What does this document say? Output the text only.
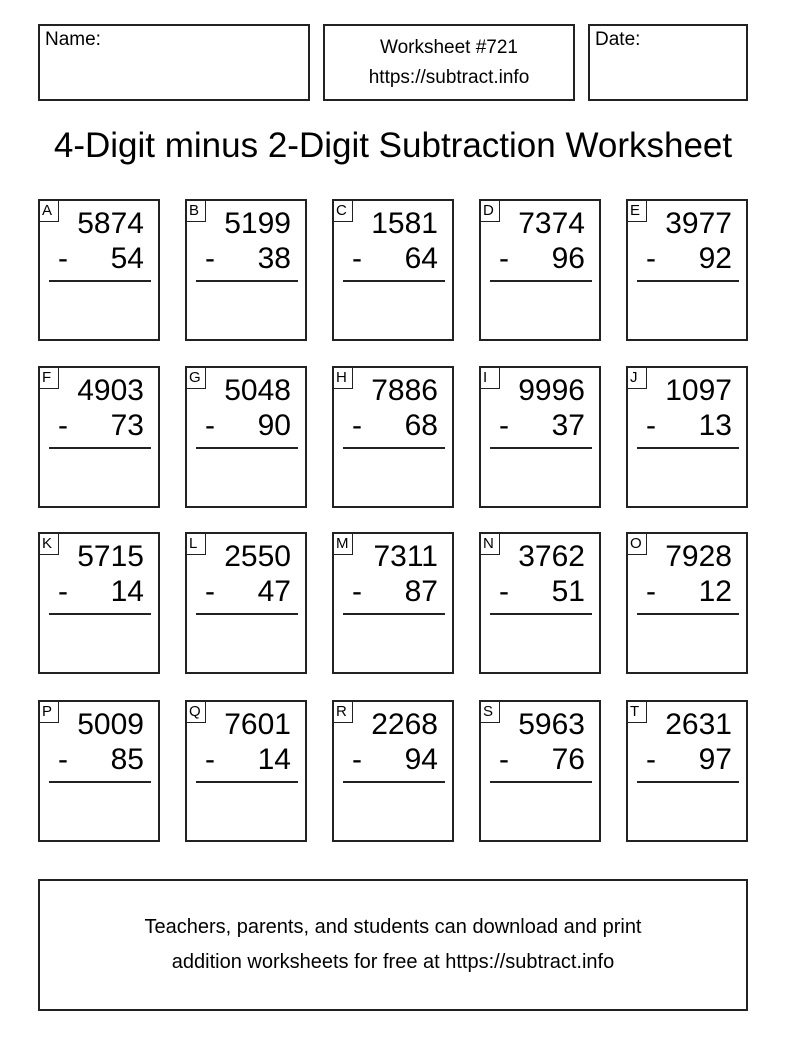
Name:	Worksheet #721
https://subtract.info
Date:
4-Digit minus 2-Digit Subtraction Worksheet
A 5874
- 54
B 5199
- 38
C 1581
- 64
D 7374
- 96
E 3977
- 92
F 4903
- 73
G 5048
- 90
H 7886
- 68
I	9996
- 37
J 1097
- 13
K 5715
- 14
L 2550
- 47
M 7311
- 87
N 3762
- 51
O 7928
- 12
P 5009
- 85
Q 7601
- 14
R 2268
- 94
S 5963
- 76
T 2631
- 97
Teachers, parents, and students can download and print
addition worksheets for free at https://subtract.info
